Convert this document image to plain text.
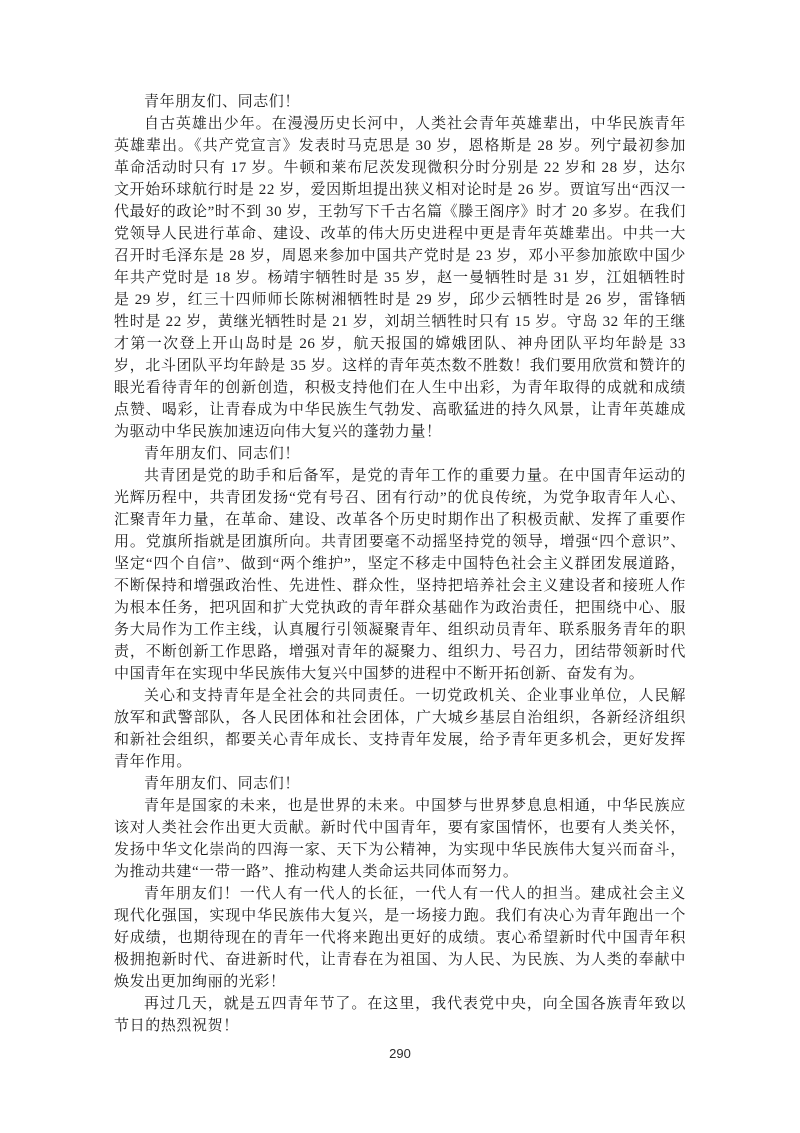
青年朋友们、同志们！

自古英雄出少年。在漫漫历史长河中，人类社会青年英雄辈出，中华民族青年英雄辈出。《共产党宣言》发表时马克思是 30 岁，恩格斯是 28 岁。列宁最初参加革命活动时只有 17 岁。牛顿和莱布尼茨发现微积分时分别是 22 岁和 28 岁，达尔文开始环球航行时是 22 岁，爱因斯坦提出狭义相对论时是 26 岁。贾谊写出“西汉一代最好的政论”时不到 30 岁，王勃写下千古名篇《滕王阁序》时才 20 多岁。在我们党领导人民进行革命、建设、改革的伟大历史进程中更是青年英雄辈出。中共一大召开时毛泽东是 28 岁，周恩来参加中国共产党时是 23 岁，邓小平参加旅欧中国少年共产党时是 18 岁。杨靖宇牺牲时是 35 岁，赵一曼牺牲时是 31 岁，江姐牺牲时是 29 岁，红三十四师师长陈树湘牺牲时是 29 岁，邱少云牺牲时是 26 岁，雷锋牺牲时是 22 岁，黄继光牺牲时是 21 岁，刘胡兰牺牲时只有 15 岁。守岛 32 年的王继才第一次登上开山岛时是 26 岁，航天报国的嫦娥团队、神舟团队平均年龄是 33 岁，北斗团队平均年龄是 35 岁。这样的青年英杰数不胜数！我们要用欣赏和赞许的眼光看待青年的创新创造，积极支持他们在人生中出彩，为青年取得的成就和成绩点赞、喝彩，让青春成为中华民族生气勃发、高歌猛进的持久风景，让青年英雄成为驱动中华民族加速迈向伟大复兴的蓬勃力量！

青年朋友们、同志们！

共青团是党的助手和后备军，是党的青年工作的重要力量。在中国青年运动的光辉历程中，共青团发扬“党有号召、团有行动”的优良传统，为党争取青年人心、汇聚青年力量，在革命、建设、改革各个历史时期作出了积极贡献、发挥了重要作用。党旗所指就是团旗所向。共青团要毫不动摇坚持党的领导，增强“四个意识”、坚定“四个自信”、做到“两个维护”，坚定不移走中国特色社会主义群团发展道路，不断保持和增强政治性、先进性、群众性，坚持把培养社会主义建设者和接班人作为根本任务，把巩固和扩大党执政的青年群众基础作为政治责任，把围绕中心、服务大局作为工作主线，认真履行引领凝聚青年、组织动员青年、联系服务青年的职责，不断创新工作思路，增强对青年的凝聚力、组织力、号召力，团结带领新时代中国青年在实现中华民族伟大复兴中国梦的进程中不断开拓创新、奋发有为。

关心和支持青年是全社会的共同责任。一切党政机关、企业事业单位，人民解放军和武警部队，各人民团体和社会团体，广大城乡基层自治组织，各新经济组织和新社会组织，都要关心青年成长、支持青年发展，给予青年更多机会，更好发挥青年作用。

青年朋友们、同志们！

青年是国家的未来，也是世界的未来。中国梦与世界梦息息相通，中华民族应该对人类社会作出更大贡献。新时代中国青年，要有家国情怀，也要有人类关怀，发扬中华文化崇尚的四海一家、天下为公精神，为实现中华民族伟大复兴而奋斗，为推动共建“一带一路”、推动构建人类命运共同体而努力。

青年朋友们！一代人有一代人的长征，一代人有一代人的担当。建成社会主义现代化强国，实现中华民族伟大复兴，是一场接力跑。我们有决心为青年跑出一个好成绩，也期待现在的青年一代将来跑出更好的成绩。衷心希望新时代中国青年积极拥抱新时代、奋进新时代，让青春在为祖国、为人民、为民族、为人类的奉献中焕发出更加绚丽的光彩！

再过几天，就是五四青年节了。在这里，我代表党中央，向全国各族青年致以节日的热烈祝贺！

290
